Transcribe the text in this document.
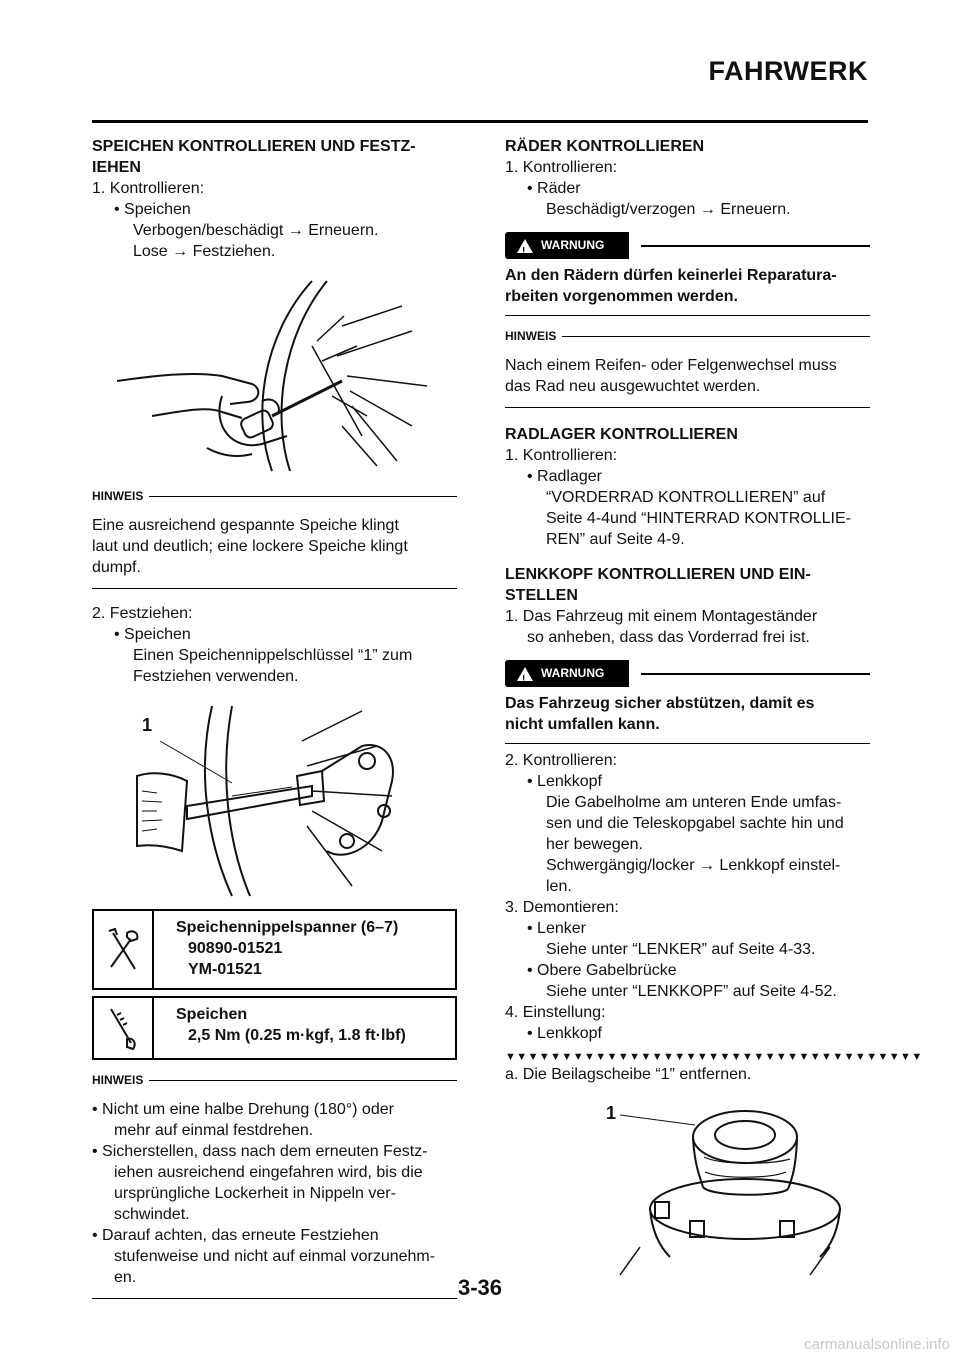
FAHRWERK
SPEICHEN KONTROLLIEREN UND FESTZ-
IEHEN
1. Kontrollieren:
• Speichen
Verbogen/beschädigt → Erneuern.
Lose → Festziehen.
HINWEIS
Eine ausreichend gespannte Speiche klingt
laut und deutlich; eine lockere Speiche klingt
dumpf.
2. Festziehen:
• Speichen
Einen Speichennippelschlüssel “1” zum
Festziehen verwenden.
1
Speichennippelspanner (6–7)
90890-01521
YM-01521
Speichen
2,5 Nm (0.25 m·kgf, 1.8 ft·lbf)
HINWEIS
• Nicht um eine halbe Drehung (180°) oder
mehr auf einmal festdrehen.
• Sicherstellen, dass nach dem erneuten Festz-
iehen ausreichend eingefahren wird, bis die
ursprüngliche Lockerheit in Nippeln ver-
schwindet.
• Darauf achten, das erneute Festziehen
stufenweise und nicht auf einmal vorzunehm-
en.
RÄDER KONTROLLIEREN
1. Kontrollieren:
• Räder
Beschädigt/verzogen → Erneuern.
! WARNUNG
An den Rädern dürfen keinerlei Reparatura-
rbeiten vorgenommen werden.
HINWEIS
Nach einem Reifen- oder Felgenwechsel muss
das Rad neu ausgewuchtet werden.
RADLAGER KONTROLLIEREN
1. Kontrollieren:
• Radlager
“VORDERRAD KONTROLLIEREN” auf
Seite 4-4und “HINTERRAD KONTROLLIE-
REN” auf Seite 4-9.
LENKKOPF KONTROLLIEREN UND EIN-
STELLEN
1. Das Fahrzeug mit einem Montageständer
so anheben, dass das Vorderrad frei ist.
! WARNUNG
Das Fahrzeug sicher abstützen, damit es
nicht umfallen kann.
2. Kontrollieren:
• Lenkkopf
Die Gabelholme am unteren Ende umfas-
sen und die Teleskopgabel sachte hin und
her bewegen.
Schwergängig/locker → Lenkkopf einstel-
len.
3. Demontieren:
• Lenker
Siehe unter “LENKER” auf Seite 4-33.
• Obere Gabelbrücke
Siehe unter “LENKKOPF” auf Seite 4-52.
4. Einstellung:
• Lenkkopf
▼▼▼▼▼▼▼▼▼▼▼▼▼▼▼▼▼▼▼▼▼▼▼▼▼▼▼▼▼▼▼▼▼▼▼▼▼
a. Die Beilagscheibe “1” entfernen.
1
3-36
carmanualsonline.info
